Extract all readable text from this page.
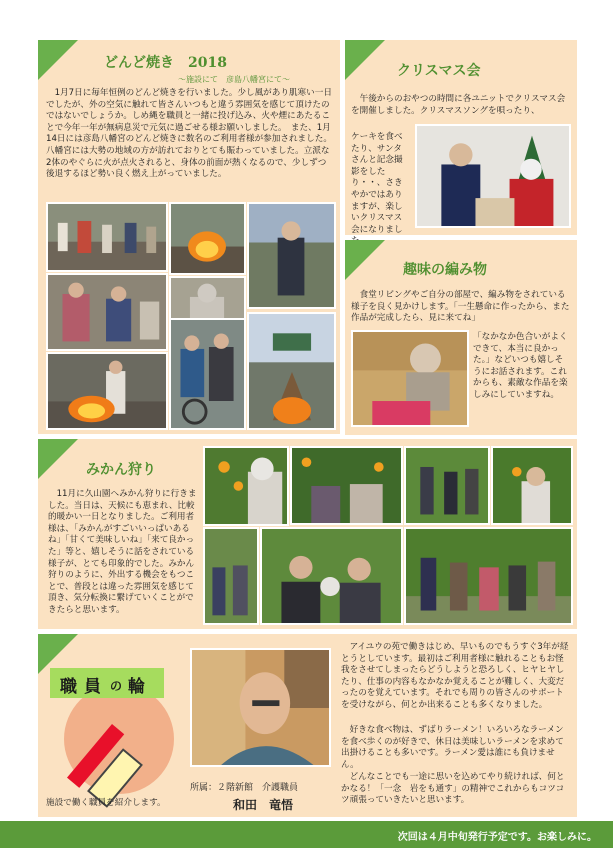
どんど焼き　2018
～施設にて　彦島八幡宮にて～
1月7日に毎年恒例のどんど焼きを行いました。少し風があり肌寒い一日でしたが、外の空気に触れて皆さんいつもと違う雰囲気を感じて頂けたのではないでしょうか。しめ縄を職員と一緒に投げ込み、火や煙にあたることで今年一年が無病息災で元気に過ごせる様お願いしました。　また、1月14日には彦島八幡宮のどんど焼きに数名のご利用者様が参加されました。八幡宮には大勢の地域の方が訪れておりとても賑わっていました。立派な2体のやぐらに火が点火されると、身体の前面が熱くなるので、少しずつ後退するほど勢い良く燃え上がっていました。
クリスマス会
午後からのおやつの時間に各ユニットでクリスマス会を開催しました。クリスマスソングを唄ったり、
ケーキを食べたり、サンタさんと記念撮影をしたり・・、さきやかではありますが、楽しいクリスマス会になりまし
趣味の編み物
食堂リビングやご自分の部屋で、編み物をされている様子を良く見かけします。「一生懸命に作ったから、また作品が完成したら、見に来てね」
「なかなか色合いがよくできて、本当に良かった。」などいつも嬉しそうにお話されます。これからも、素敵な作品を楽しみにしていますね。
みかん狩り
11月に久山園へみかん狩りに行きました。当日は、天候にも恵まれ、比較的暖かい一日となりました。ご利用者様は、「みかんがすごいいっぱいあるね」「甘くて美味しいね」「来て良かった」等と、嬉しそうに話をされている様子が、とても印象的でした。みかん狩りのように、外出する機会をもつことで、普段とは違った雰囲気を感じて頂き、気分転換に繋げていくことができたらと思います。
職 員 の 輪
施設で働く職員を紹介します。
所属：２階新館　介護職員
和田　竜悟
アイユウの苑で働きはじめ、早いものでもうすぐ3年が経とうとしています。最初はご利用者様に触れることもお怪我をさせてしまったらどうしようと恐ろしく、ヒヤヒヤしたり、仕事の内容もなかなか覚えることが難しく、大変だったのを覚えています。それでも周りの皆さんのサポートを受けながら、何とか出来ることも多くなりました。
好きな食べ物は、ずばりラーメン！いろいろなラーメンを食べ歩くのが好きで、休日は美味しいラーメンを求めて出掛けることも多いです。ラーメン愛は誰にも負けません。
どんなことでも一途に思いを込めてやり続ければ、何とかなる！「一念　岩をも通す」の精神でこれからもコツコツ頑張っていきたいと思います。
次回は４月中旬発行予定です。お楽しみに。
